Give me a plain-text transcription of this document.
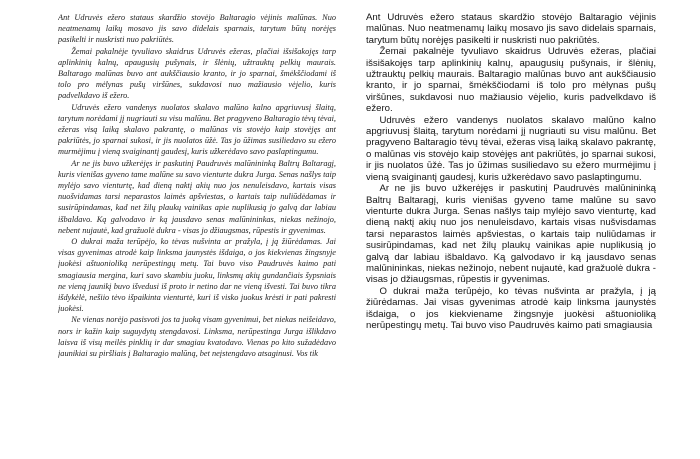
Ant Udruvės ežero stataus skardžio stovėjo Baltaragio vėjinis malūnas. Nuo neatmenamų laikų mosavo jis savo didelais sparnais, tarytum būtų norėjęs pasikelti ir nuskristi nuo pakriūtės.

Žemai pakalnėje tyvuliavo skaidrus Udruvės ežeras, plačiai išsišakojęs tarp aplinkinių kalnų, apaugusių pušynais, ir šlėnių, užtrauktų pelkių maurais. Baltarago malūnas buvo ant aukščiausio kranto, ir jo sparnai, šmėkščiodami iš tolo pro mėlynas pušų viršūnes, sukdavosi nuo mažiausio vėjelio, kuris padvelkdavo iš ežero.

Udruvės ežero vandenys nuolatos skalavo malūno kalno apgriuvusį šlaitą, tarytum norėdami jį nugriauti su visu malūnu. Bet pragyveno Baltaragio tėvų tėvai, ežeras visą laiką skalavo pakrantę, o malūnas vis stovėjo kaip stovėjęs ant pakriūtės, jo sparnai sukosi, ir jis nuolatos ūžė. Tas jo ūžimas susiliedavo su ežero murmėjimu į vieną svaiginantį gaudesį, kuris užkerėdavo savo paslaptingumu.

Ar ne jis buvo užkerėjęs ir paskutinį Paudruvės malūnininką Baltrų Baltaragį, kuris vienišas gyveno tame malūne su savo vienturte dukra Jurga. Senas našlys taip mylėjo savo vienturtę, kad dieną naktį akių nuo jos nenuleisdavo, kartais visas nuošvidamas tarsi neparastos laimės apšviestas, o kartais taip nuliūdėdamas ir susirūpindamas, kad net žilų plaukų vainikas apie nuplikusią jo galvą dar labiau išbaldavo. Ką galvodavo ir ką jausdavo senas malūnininkas, niekas nežinojo, nebent nujautė, kad gražuolė dukra - visas jo džiaugsmas, rūpestis ir gyvenimas.

O dukrai maža terūpėjo, ko tėvas nušvinta ar pražyla, į ją žiūrėdamas. Jai visas gyvenimas atrodė kaip linksma jaunystės išdaiga, o jos kiekvienas žingsnyje juokėsi aštuonioliką nerūpestingų metų. Tai buvo viso Paudruvės kaimo pati smagiausia mergina, kuri savo skambiu juoku, linksmų akių gundančiais šypsniais ne vieną jaunikį buvo išvedusi iš proto ir netino dar ne vieną išvesti. Tai buvo tikra išdykėlė, nešiio tėvo išpaikinta vienturtė, kuri iš visko juokus krėsti ir pati pakresti juokėsi.

Ne vienas norėjo pasisvoti jos ta juoką visam gyvenimui, bet niekas neišeidavo, nors ir kažin kaip suguydytų stengdavosi. Linksma, nerūpestinga Jurga išlikdavo laisva iš visų meilės pinklių ir dar smagiau kvatodavo. Vienas po kito sužadėdavo jaunikiai su piršliais į Baltaragio malūną, bet neįstengdavo atsaginusi. Vos tik

Ant Udruvės ežero stataus skardžio stovėjo Baltaragio vėjinis malūnas. Nuo neatmenamų laikų mosavo jis savo didelais sparnais, tarytum būtų norėjęs pasikelti ir nuskristi nuo pakriūtės.

Žemai pakalnėje tyvuliavo skaidrus Udruvės ežeras, plačiai išsišakojęs tarp aplinkinių kalnų, apaugusių pušynais, ir šlėnių, užtrauktų pelkių maurais. Baltaragio malūnas buvo ant aukščiausio kranto, ir jo sparnai, šmėkščiodami iš tolo pro mėlynas pušų viršūnes, sukdavosi nuo mažiausio vėjelio, kuris padvelkdavo iš ežero.

Udruvės ežero vandenys nuolatos skalavo malūno kalno apgriuvusį šlaitą, tarytum norėdami jį nugriauti su visu malūnu. Bet pragyveno Baltaragio tėvų tėvai, ežeras visą laiką skalavo pakrantę, o malūnas vis stovėjo kaip stovėjęs ant pakriūtės, jo sparnai sukosi, ir jis nuolatos ūžė. Tas jo ūžimas susiliedavo su ežero murmėjimu į vieną svaiginantį gaudesį, kuris užkerėdavo savo paslaptingumu.

Ar ne jis buvo užkerėjęs ir paskutinį Paudruvės malūnininką Baltrų Baltaragį, kuris vienišas gyveno tame malūne su savo vienturte dukra Jurga. Senas našlys taip mylėjo savo vienturtę, kad dieną naktį akių nuo jos nenuleisdavo, kartais visas nušvisdamas tarsi neparastos laimės apšviestas, o kartais taip nuliūdamas ir susirūpindamas, kad net žilų plaukų vainikas apie nuplikusią jo galvą dar labiau išbaldavo. Ką galvodavo ir ką jausdavo senas malūnininkas, niekas nežinojo, nebent nujautė, kad gražuolė dukra - visas jo džiaugsmas, rūpestis ir gyvenimas.

O dukrai maža terūpėjo, ko tėvas nušvinta ar pražyla, į ją žiūrėdamas. Jai visas gyvenimas atrodė kaip linksma jaunystės išdaiga, o jos kiekviename žingsnyje juokėsi aštuonioliką nerūpestingų metų. Tai buvo viso Paudruvės kaimo pati smagiausia
